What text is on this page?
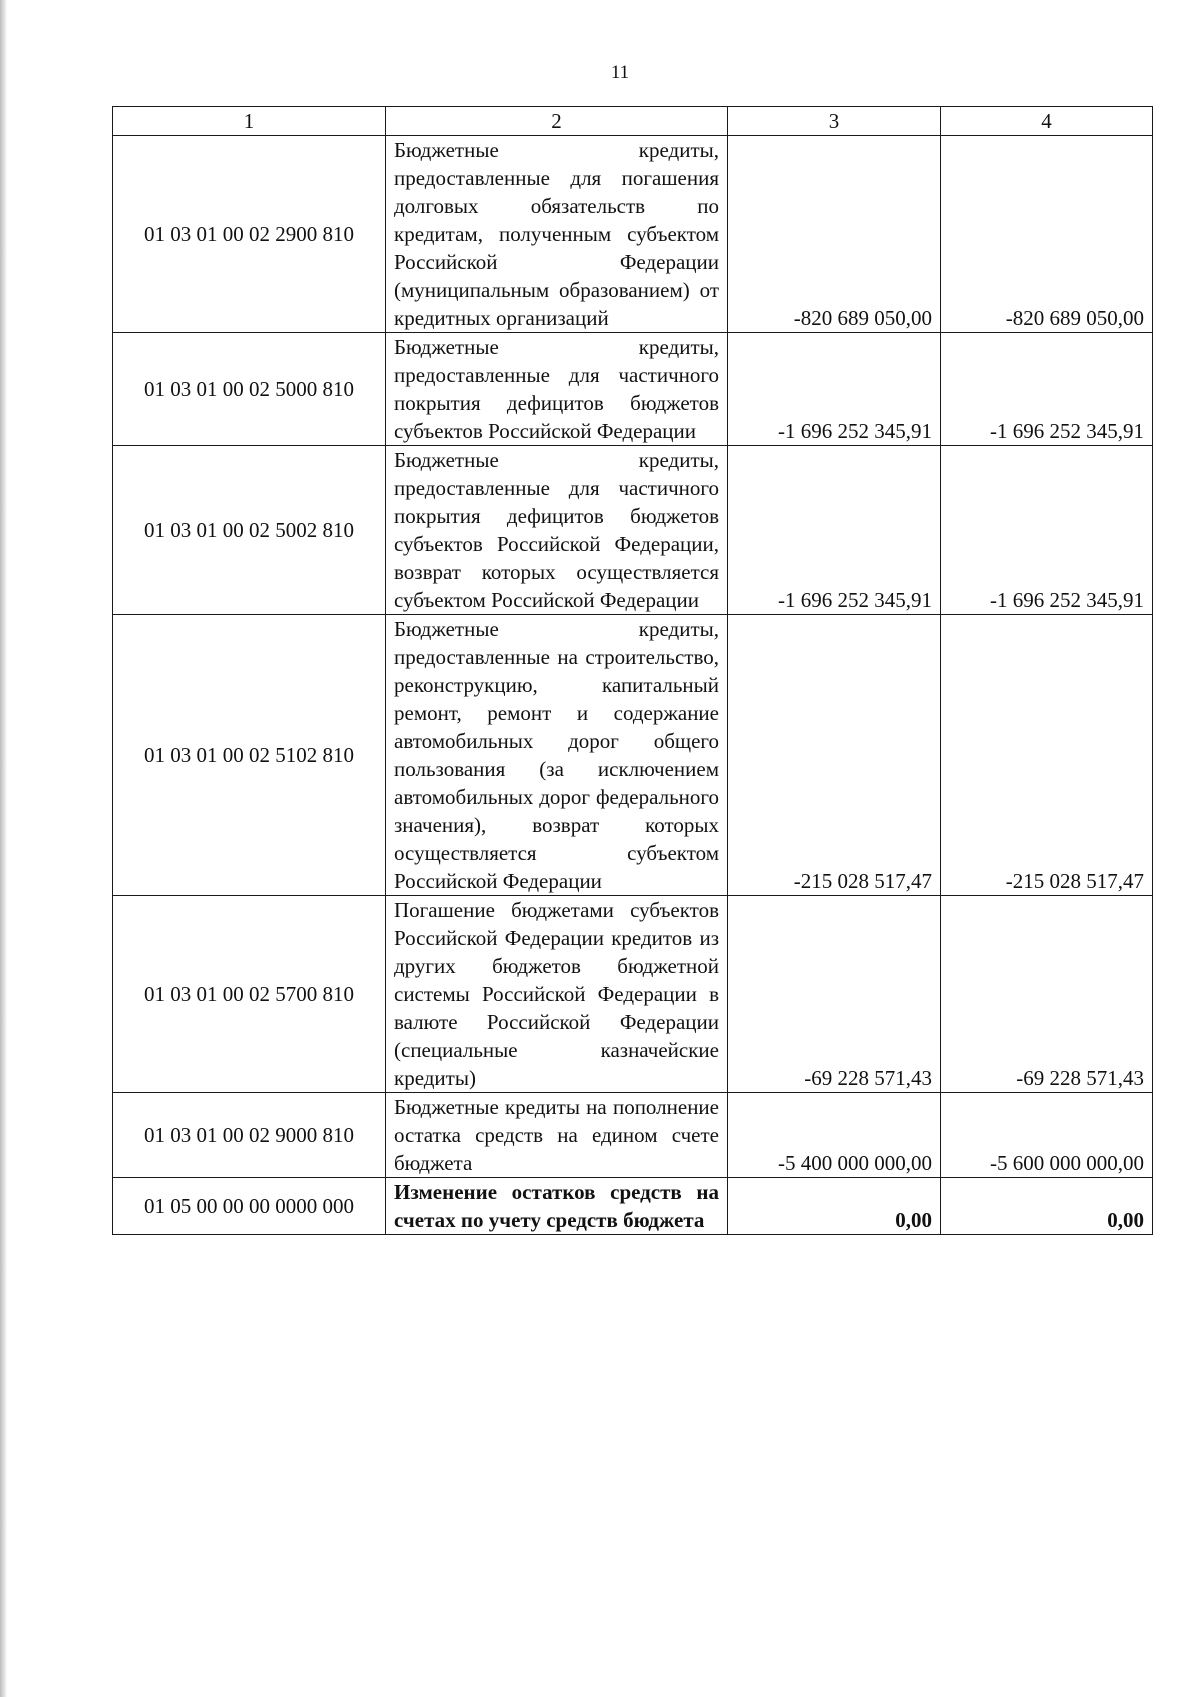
11
1	2	3	4
01 03 01 00 02 2900 810	Бюджетные кредиты, предоставленные для погашения долговых обязательств по кредитам, полученным субъектом Российской Федерации (муниципальным образованием) от кредитных организаций	-820 689 050,00	-820 689 050,00
01 03 01 00 02 5000 810	Бюджетные кредиты, предоставленные для частичного покрытия дефицитов бюджетов субъектов Российской Федерации	-1 696 252 345,91	-1 696 252 345,91
01 03 01 00 02 5002 810	Бюджетные кредиты, предоставленные для частичного покрытия дефицитов бюджетов субъектов Российской Федерации, возврат которых осуществляется субъектом Российской Федерации	-1 696 252 345,91	-1 696 252 345,91
01 03 01 00 02 5102 810	Бюджетные кредиты, предоставленные на строительство, реконструкцию, капитальный ремонт, ремонт и содержание автомобильных дорог общего пользования (за исключением автомобильных дорог федерального значения), возврат которых осуществляется субъектом Российской Федерации	-215 028 517,47	-215 028 517,47
01 03 01 00 02 5700 810	Погашение бюджетами субъектов Российской Федерации кредитов из других бюджетов бюджетной системы Российской Федерации в валюте Российской Федерации (специальные казначейские кредиты)	-69 228 571,43	-69 228 571,43
01 03 01 00 02 9000 810	Бюджетные кредиты на пополнение остатка средств на едином счете бюджета	-5 400 000 000,00	-5 600 000 000,00
01 05 00 00 00 0000 000	Изменение остатков средств на счетах по учету средств бюджета	0,00	0,00
